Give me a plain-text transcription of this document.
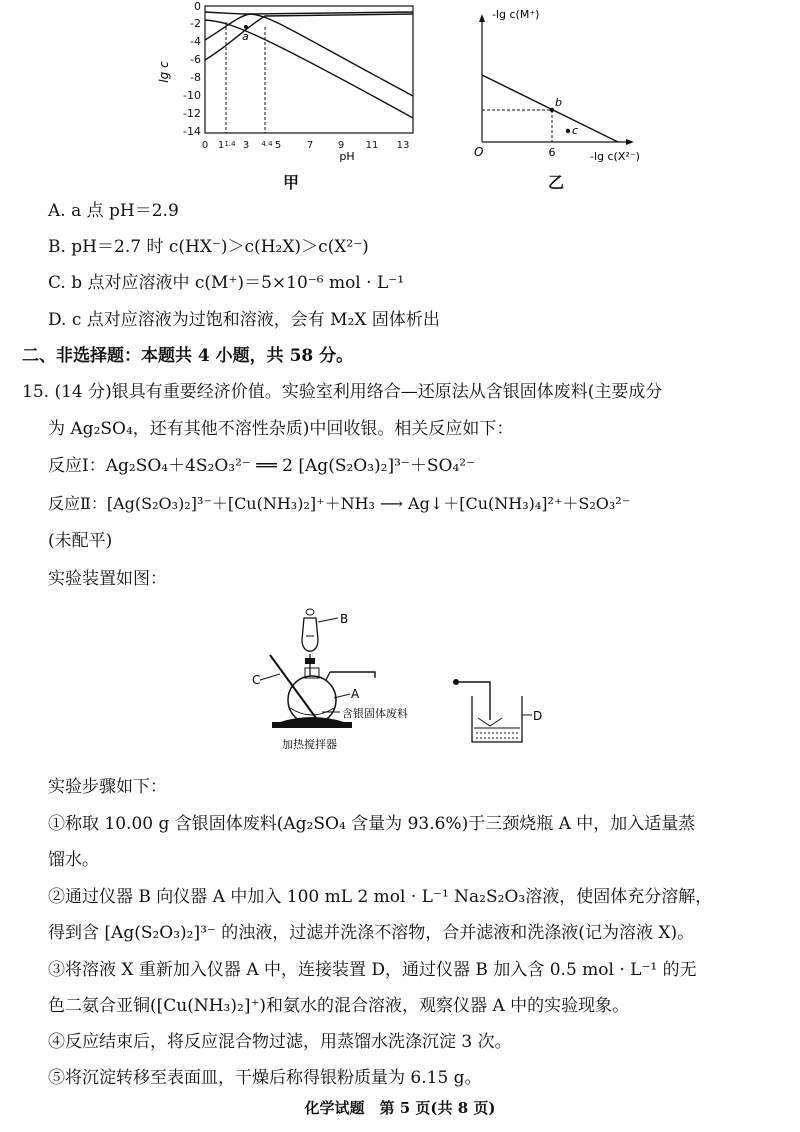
0
-2
-4
-6
-8
-10
-12
-14
lg c
a
0 1 1.4 3 4.4 5	7 9 11 13
pH
甲
-lg c(M⁺)
-lg c(X²⁻)
O
b
c
6
乙
A. a 点 pH＝2.9
B. pH＝2.7 时 c(HX⁻)＞c(H₂X)＞c(X²⁻)
C. b 点对应溶液中 c(M⁺)＝5×10⁻⁶ mol · L⁻¹
D. c 点对应溶液为过饱和溶液，会有 M₂X 固体析出
二、非选择题：本题共 4 小题，共 58 分。
15. (14 分)银具有重要经济价值。实验室利用络合—还原法从含银固体废料(主要成分
为 Ag₂SO₄，还有其他不溶性杂质)中回收银。相关反应如下：
反应Ⅰ：Ag₂SO₄＋4S₂O₃²⁻ ══ 2 [Ag(S₂O₃)₂]³⁻＋SO₄²⁻
反应Ⅱ：[Ag(S₂O₃)₂]³⁻＋[Cu(NH₃)₂]⁺＋NH₃ ⟶ Ag↓＋[Cu(NH₃)₄]²⁺＋S₂O₃²⁻
(未配平)
实验装置如图：
B
C
A
含银固体废料
加热搅拌器
D
实验步骤如下：
①称取 10.00 g 含银固体废料(Ag₂SO₄ 含量为 93.6%)于三颈烧瓶 A 中，加入适量蒸
馏水。
②通过仪器 B 向仪器 A 中加入 100 mL 2 mol · L⁻¹ Na₂S₂O₃溶液，使固体充分溶解，
得到含 [Ag(S₂O₃)₂]³⁻ 的浊液，过滤并洗涤不溶物，合并滤液和洗涤液(记为溶液 X)。
③将溶液 X 重新加入仪器 A 中，连接装置 D，通过仪器 B 加入含 0.5 mol · L⁻¹ 的无
色二氨合亚铜([Cu(NH₃)₂]⁺)和氨水的混合溶液，观察仪器 A 中的实验现象。
④反应结束后，将反应混合物过滤，用蒸馏水洗涤沉淀 3 次。
⑤将沉淀转移至表面皿，干燥后称得银粉质量为 6.15 g。
化学试题　第 5 页(共 8 页)
